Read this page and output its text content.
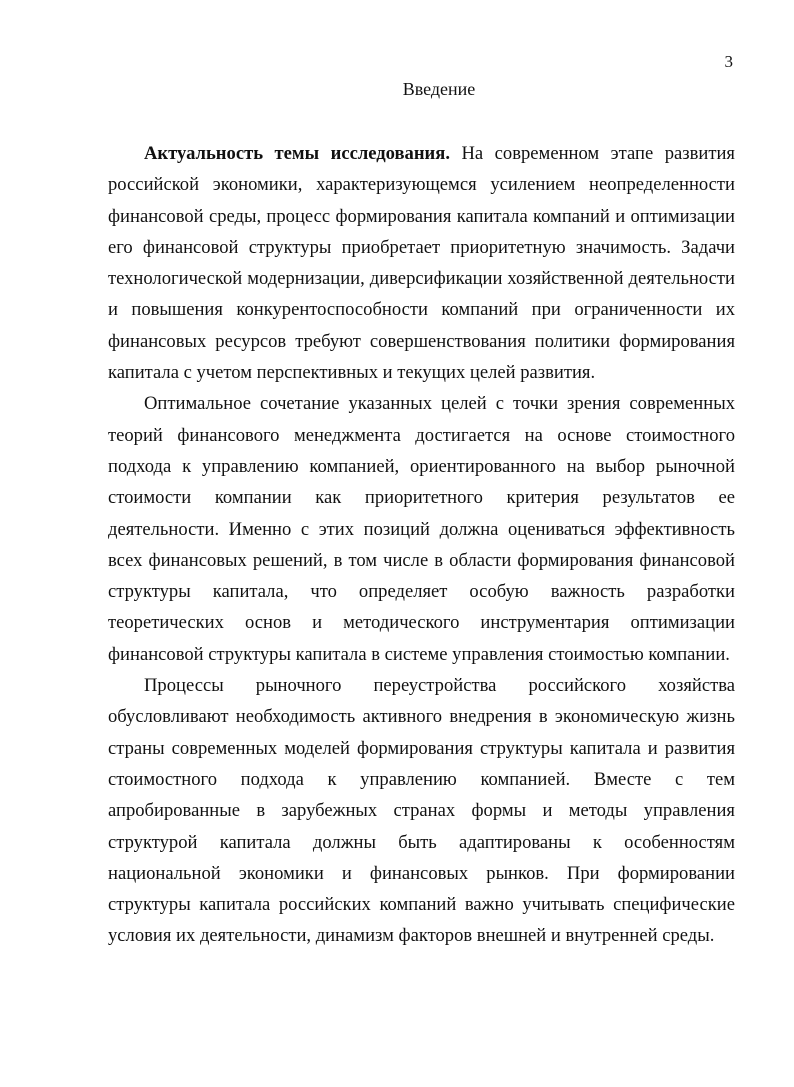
3
Введение

Актуальность темы исследования. На современном этапе развития российской экономики, характеризующемся усилением неопределенности финансовой среды, процесс формирования капитала компаний и оптимизации его финансовой структуры приобретает приоритетную значимость. Задачи технологической модернизации, диверсификации хозяйственной деятельности и повышения конкурентоспособности компаний при ограниченности их финансовых ресурсов требуют совершенствования политики формирования капитала с учетом перспективных и текущих целей развития.

Оптимальное сочетание указанных целей с точки зрения современных теорий финансового менеджмента достигается на основе стоимостного подхода к управлению компанией, ориентированного на выбор рыночной стоимости компании как приоритетного критерия результатов ее деятельности. Именно с этих позиций должна оцениваться эффективность всех финансовых решений, в том числе в области формирования финансовой структуры капитала, что определяет особую важность разработки теоретических основ и методического инструментария оптимизации финансовой структуры капитала в системе управления стоимостью компании.

Процессы рыночного переустройства российского хозяйства обусловливают необходимость активного внедрения в экономическую жизнь страны современных моделей формирования структуры капитала и развития стоимостного подхода к управлению компанией. Вместе с тем апробированные в зарубежных странах формы и методы управления структурой капитала должны быть адаптированы к особенностям национальной экономики и финансовых рынков. При формировании структуры капитала российских компаний важно учитывать специфические условия их деятельности, динамизм факторов внешней и внутренней среды.
